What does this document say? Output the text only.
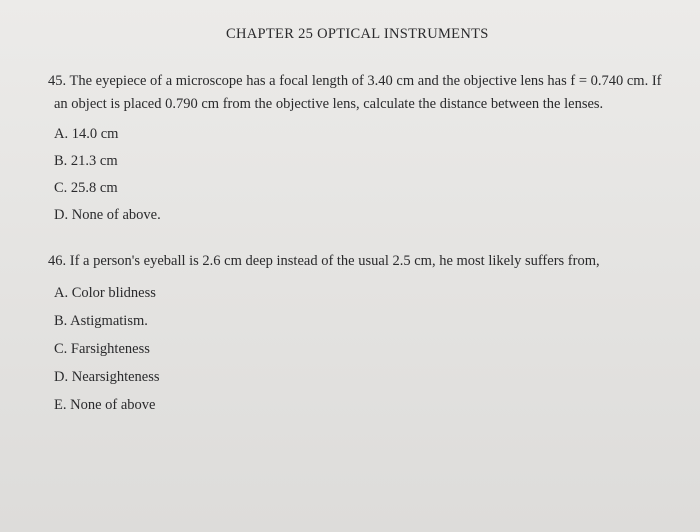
CHAPTER 25 OPTICAL INSTRUMENTS
45. The eyepiece of a microscope has a focal length of 3.40 cm and the objective lens has f = 0.740 cm. If
an object is placed 0.790 cm from the objective lens, calculate the distance between the lenses.
A. 14.0 cm
B. 21.3 cm
C. 25.8 cm
D. None of above.
46. If a person's eyeball is 2.6 cm deep instead of the usual 2.5 cm, he most likely suffers from,
A. Color blidness
B. Astigmatism.
C. Farsighteness
D. Nearsighteness
E. None of above
